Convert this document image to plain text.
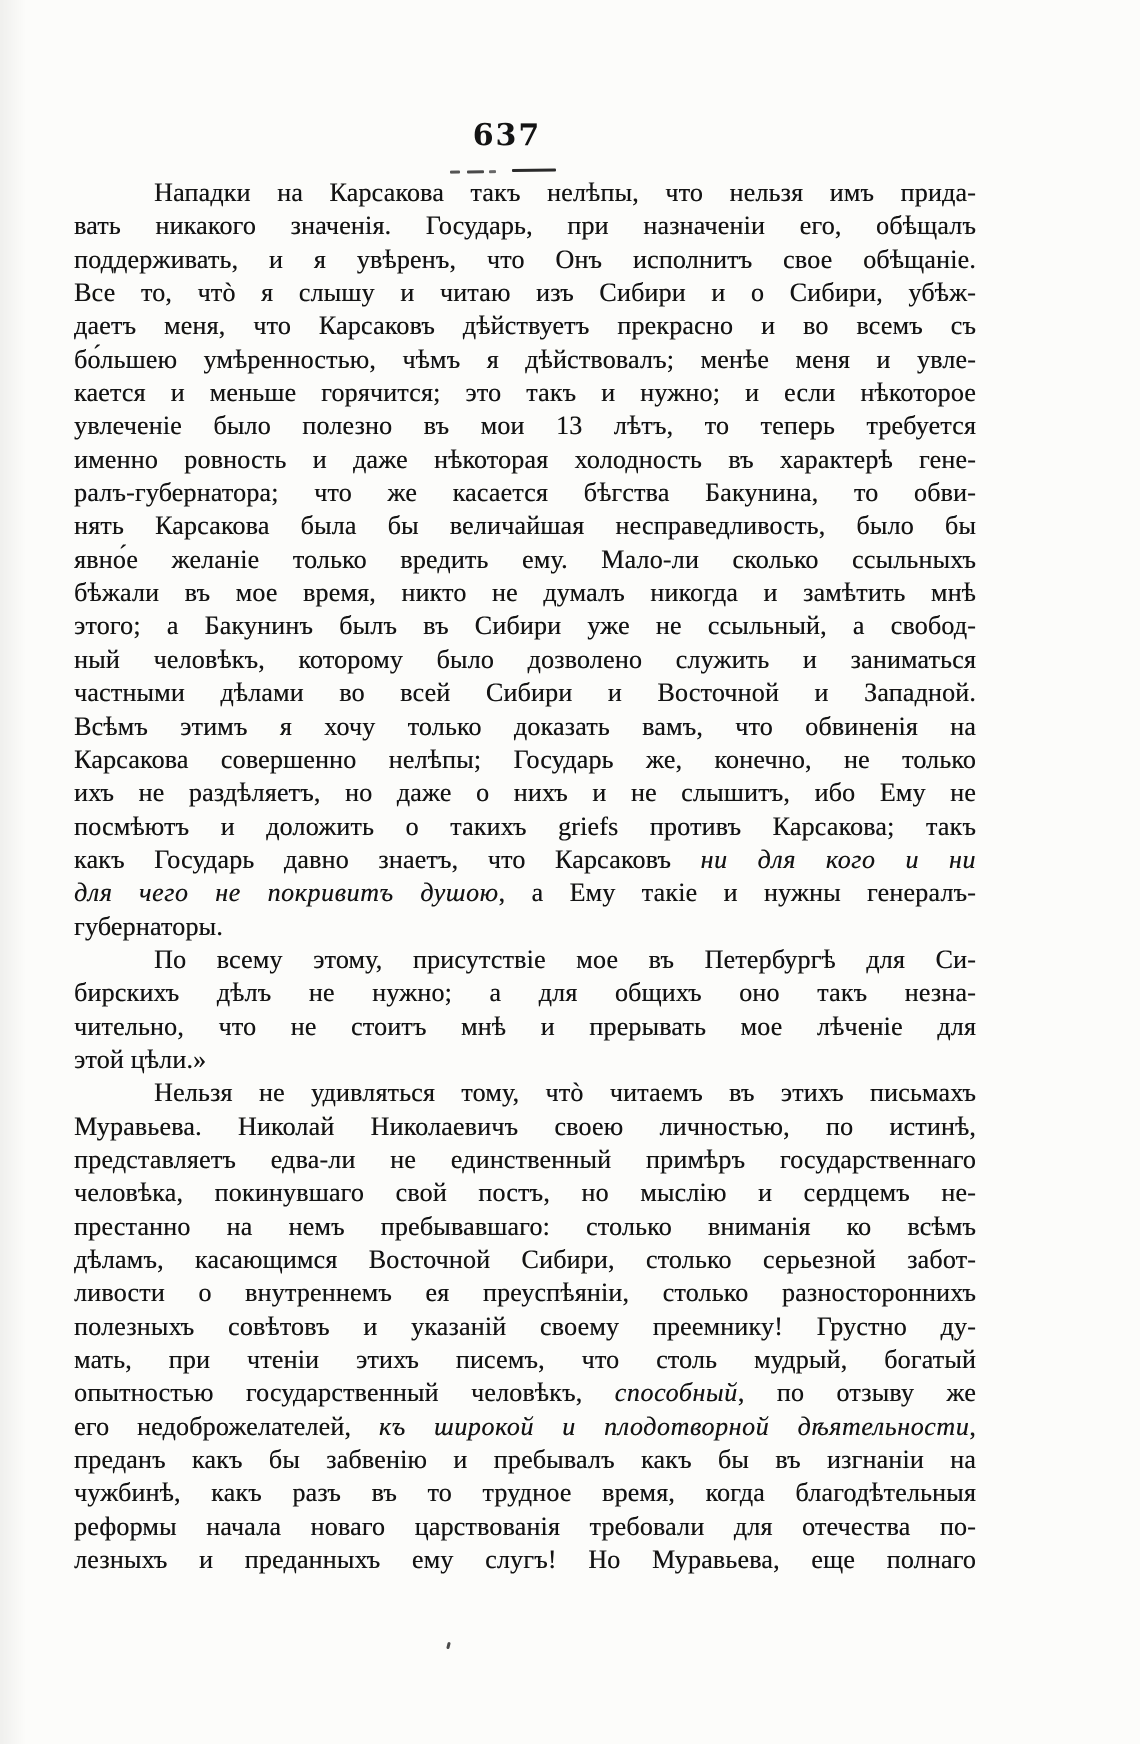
637
Нападки на Карсакова такъ нелѣпы, что нельзя имъ прида-
вать никакого значенія. Государь, при назначеніи его, обѣщалъ
поддерживать, и я увѣренъ, что Онъ исполнитъ свое обѣщаніе.
Все то, чтò я слышу и читаю изъ Сибири и о Сибири, убѣж-
даетъ меня, что Карсаковъ дѣйствуетъ прекрасно и во всемъ съ
бо́льшею умѣренностью, чѣмъ я дѣйствовалъ; менѣе меня и увле-
кается и меньше горячится; это такъ и нужно; и если нѣкоторое
увлеченіе было полезно въ мои 13 лѣтъ, то теперь требуется
именно ровность и даже нѣкоторая холодность въ характерѣ гене-
ралъ-губернатора; что же касается бѣгства Бакунина, то обви-
нять Карсакова была бы величайшая несправедливость, было бы
явно́е желаніе только вредить ему. Мало-ли сколько ссыльныхъ
бѣжали въ мое время, никто не думалъ никогда и замѣтить мнѣ
этого; а Бакунинъ былъ въ Сибири уже не ссыльный, а свобод-
ный человѣкъ, которому было дозволено служить и заниматься
частными дѣлами во всей Сибири и Восточной и Западной.
Всѣмъ этимъ я хочу только доказать вамъ, что обвиненія на
Карсакова совершенно нелѣпы; Государь же, конечно, не только
ихъ не раздѣляетъ, но даже о нихъ и не слышитъ, ибо Ему не
посмѣютъ и доложить о такихъ griefs противъ Карсакова; такъ
какъ Государь давно знаетъ, что Карсаковъ ни для кого и ни
для чего не покривитъ душою, а Ему такіе и нужны генералъ-
губернаторы.
По всему этому, присутствіе мое въ Петербургѣ для Си-
бирскихъ дѣлъ не нужно; а для общихъ оно такъ незна-
чительно, что не стоитъ мнѣ и прерывать мое лѣченіе для
этой цѣли.»
Нельзя не удивляться тому, чтò читаемъ въ этихъ письмахъ
Муравьева. Николай Николаевичъ своею личностью, по истинѣ,
представляетъ едва-ли не единственный примѣръ государственнаго
человѣка, покинувшаго свой постъ, но мыслію и сердцемъ не-
престанно на немъ пребывавшаго: столько вниманія ко всѣмъ
дѣламъ, касающимся Восточной Сибири, столько серьезной забот-
ливости о внутреннемъ ея преуспѣяніи, столько разностороннихъ
полезныхъ совѣтовъ и указаній своему преемнику! Грустно ду-
мать, при чтеніи этихъ писемъ, что столь мудрый, богатый
опытностью государственный человѣкъ, способный, по отзыву же
его недоброжелателей, къ широкой и плодотворной дѣятельности,
преданъ какъ бы забвенію и пребывалъ какъ бы въ изгнаніи на
чужбинѣ, какъ разъ въ то трудное время, когда благодѣтельныя
реформы начала новаго царствованія требовали для отечества по-
лезныхъ и преданныхъ ему слугъ! Но Муравьева, еще полнаго
